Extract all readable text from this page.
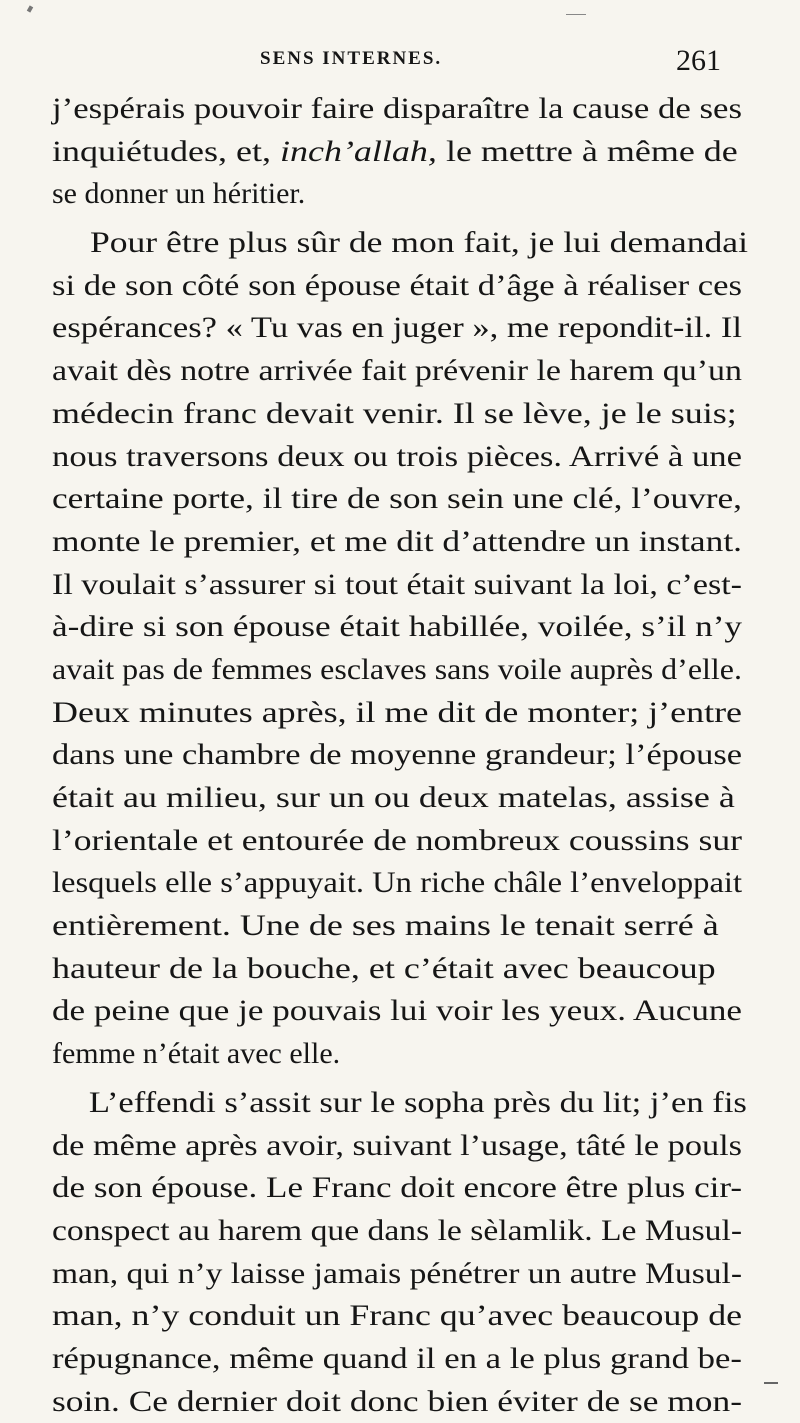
SENS INTERNES.	261
j’espérais pouvoir faire disparaître la cause de ses
inquiétudes, et, inch’allah, le mettre à même de
se donner un héritier.
Pour être plus sûr de mon fait, je lui demandai
si de son côté son épouse était d’âge à réaliser ces
espérances? « Tu vas en juger », me repondit-il. Il
avait dès notre arrivée fait prévenir le harem qu’un
médecin franc devait venir. Il se lève, je le suis;
nous traversons deux ou trois pièces. Arrivé à une
certaine porte, il tire de son sein une clé, l’ouvre,
monte le premier, et me dit d’attendre un instant.
Il voulait s’assurer si tout était suivant la loi, c’est-
à-dire si son épouse était habillée, voilée, s’il n’y
avait pas de femmes esclaves sans voile auprès d’elle.
Deux minutes après, il me dit de monter; j’entre
dans une chambre de moyenne grandeur; l’épouse
était au milieu, sur un ou deux matelas, assise à
l’orientale et entourée de nombreux coussins sur
lesquels elle s’appuyait. Un riche châle l’enveloppait
entièrement. Une de ses mains le tenait serré à
hauteur de la bouche, et c’était avec beaucoup
de peine que je pouvais lui voir les yeux. Aucune
femme n’était avec elle.
L’effendi s’assit sur le sopha près du lit; j’en fis
de même après avoir, suivant l’usage, tâté le pouls
de son épouse. Le Franc doit encore être plus cir-
conspect au harem que dans le sèlamlik. Le Musul-
man, qui n’y laisse jamais pénétrer un autre Musul-
man, n’y conduit un Franc qu’avec beaucoup de
répugnance, même quand il en a le plus grand be-
soin. Ce dernier doit donc bien éviter de se mon-
